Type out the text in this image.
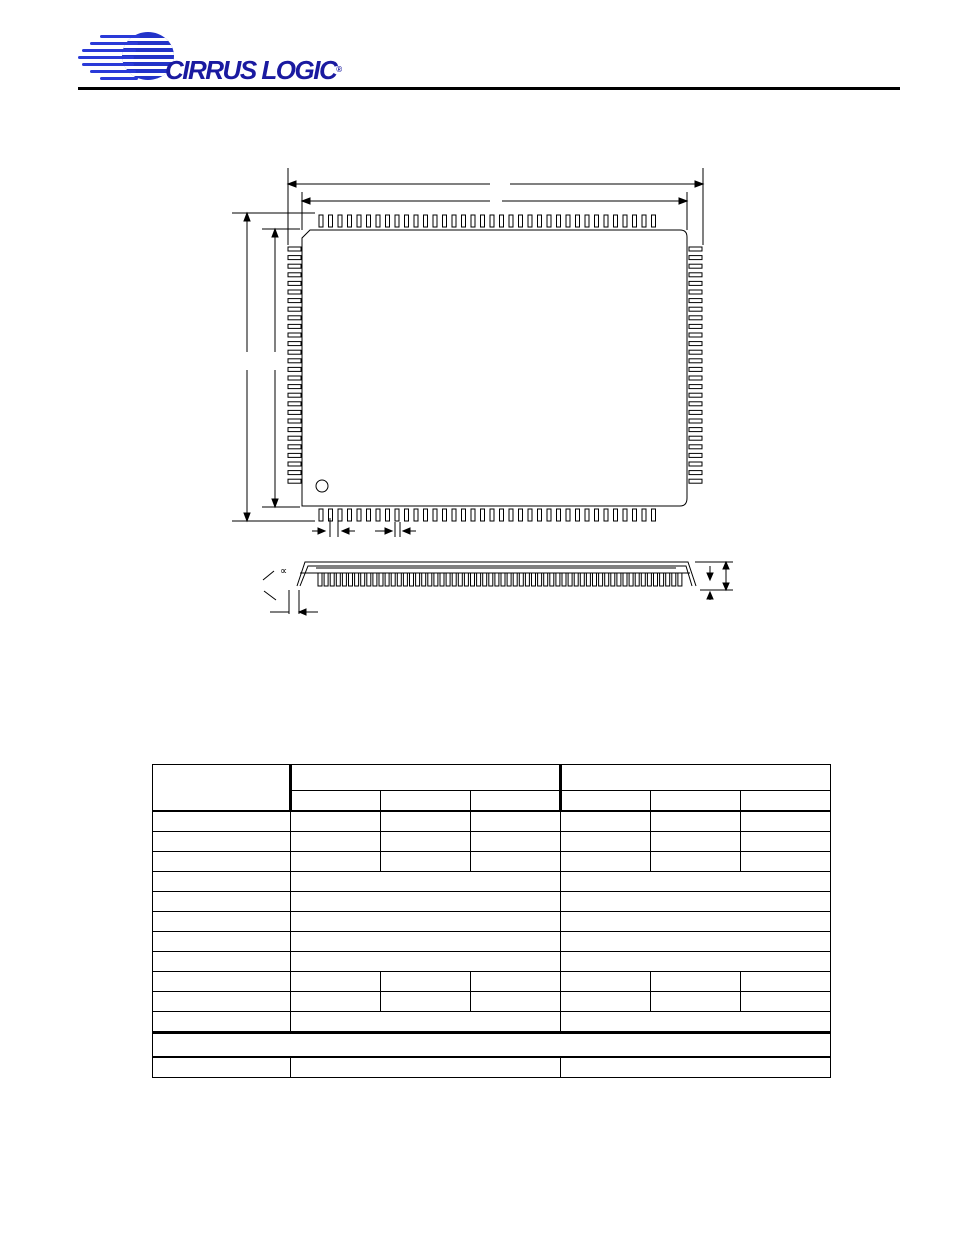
CIRRUS LOGIC®
∝
